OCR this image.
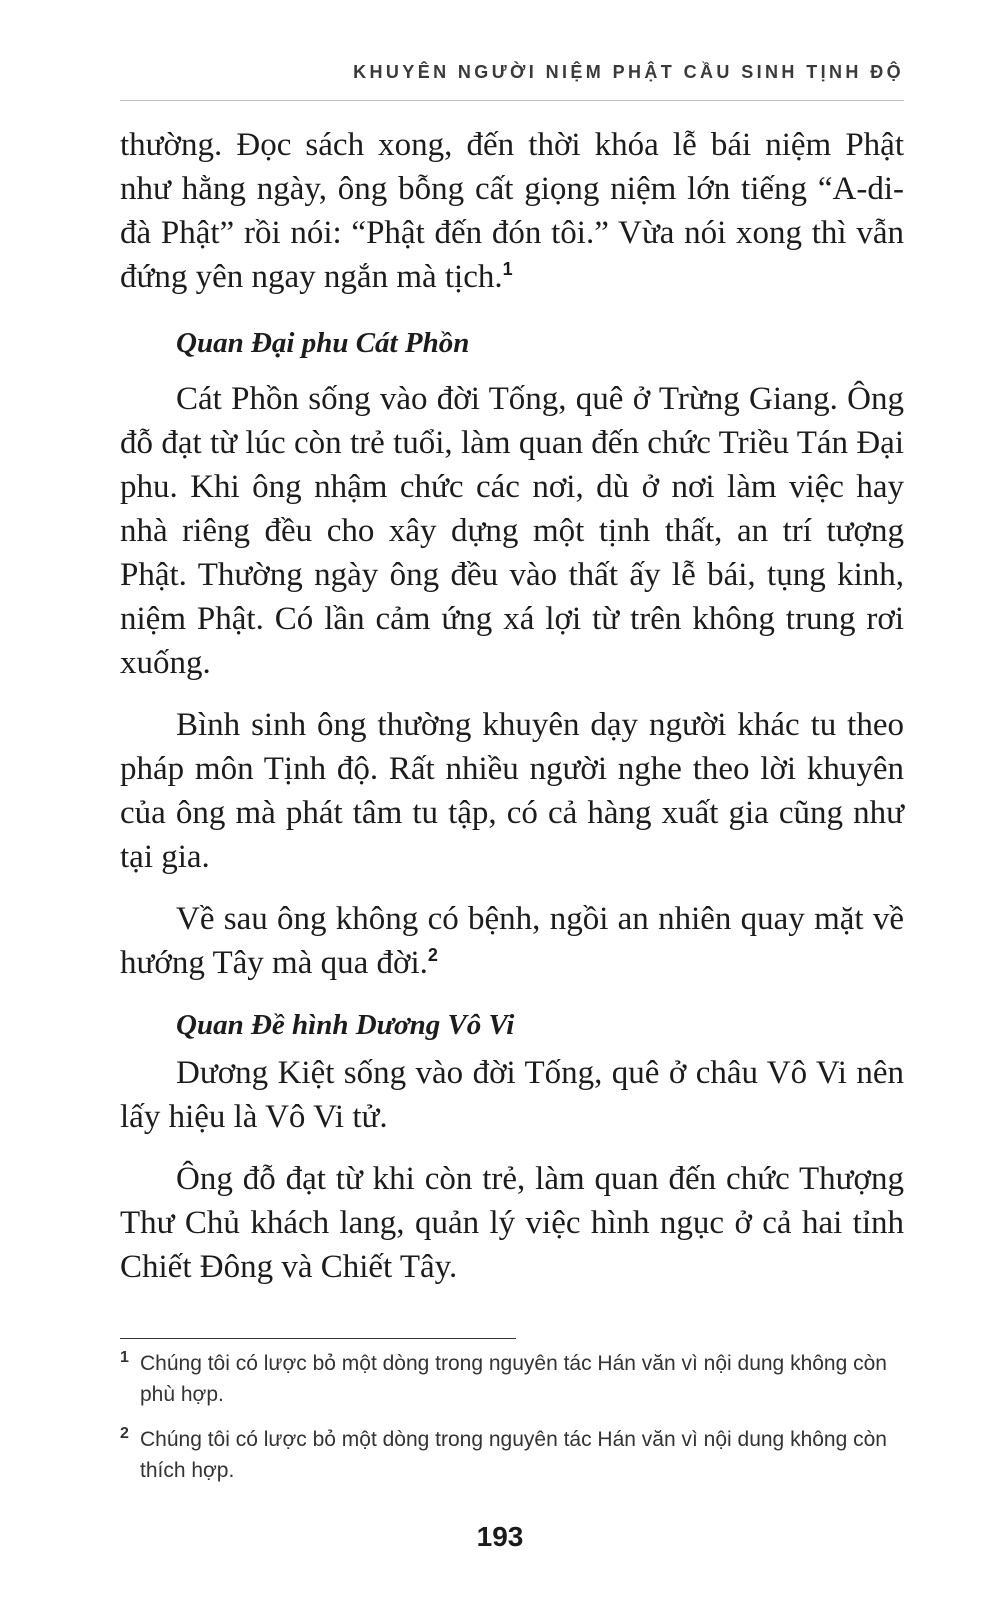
KHUYÊN NGƯỜI NIỆM PHẬT CẦU SINH TỊNH ĐỘ

thường. Đọc sách xong, đến thời khóa lễ bái niệm Phật như hằng ngày, ông bỗng cất giọng niệm lớn tiếng “A-di-đà Phật” rồi nói: “Phật đến đón tôi.” Vừa nói xong thì vẫn đứng yên ngay ngắn mà tịch.$^1$

Quan Đại phu Cát Phồn

Cát Phồn sống vào đời Tống, quê ở Trừng Giang. Ông đỗ đạt từ lúc còn trẻ tuổi, làm quan đến chức Triều Tán Đại phu. Khi ông nhậm chức các nơi, dù ở nơi làm việc hay nhà riêng đều cho xây dựng một tịnh thất, an trí tượng Phật. Thường ngày ông đều vào thất ấy lễ bái, tụng kinh, niệm Phật. Có lần cảm ứng xá lợi từ trên không trung rơi xuống.

Bình sinh ông thường khuyên dạy người khác tu theo pháp môn Tịnh độ. Rất nhiều người nghe theo lời khuyên của ông mà phát tâm tu tập, có cả hàng xuất gia cũng như tại gia.

Về sau ông không có bệnh, ngồi an nhiên quay mặt về hướng Tây mà qua đời.$^2$

Quan Đề hình Dương Vô Vi

Dương Kiệt sống vào đời Tống, quê ở châu Vô Vi nên lấy hiệu là Vô Vi tử.

Ông đỗ đạt từ khi còn trẻ, làm quan đến chức Thượng Thư Chủ khách lang, quản lý việc hình ngục ở cả hai tỉnh Chiết Đông và Chiết Tây.

1 Chúng tôi có lược bỏ một dòng trong nguyên tác Hán văn vì nội dung không còn phù hợp.
2 Chúng tôi có lược bỏ một dòng trong nguyên tác Hán văn vì nội dung không còn thích hợp.
193
